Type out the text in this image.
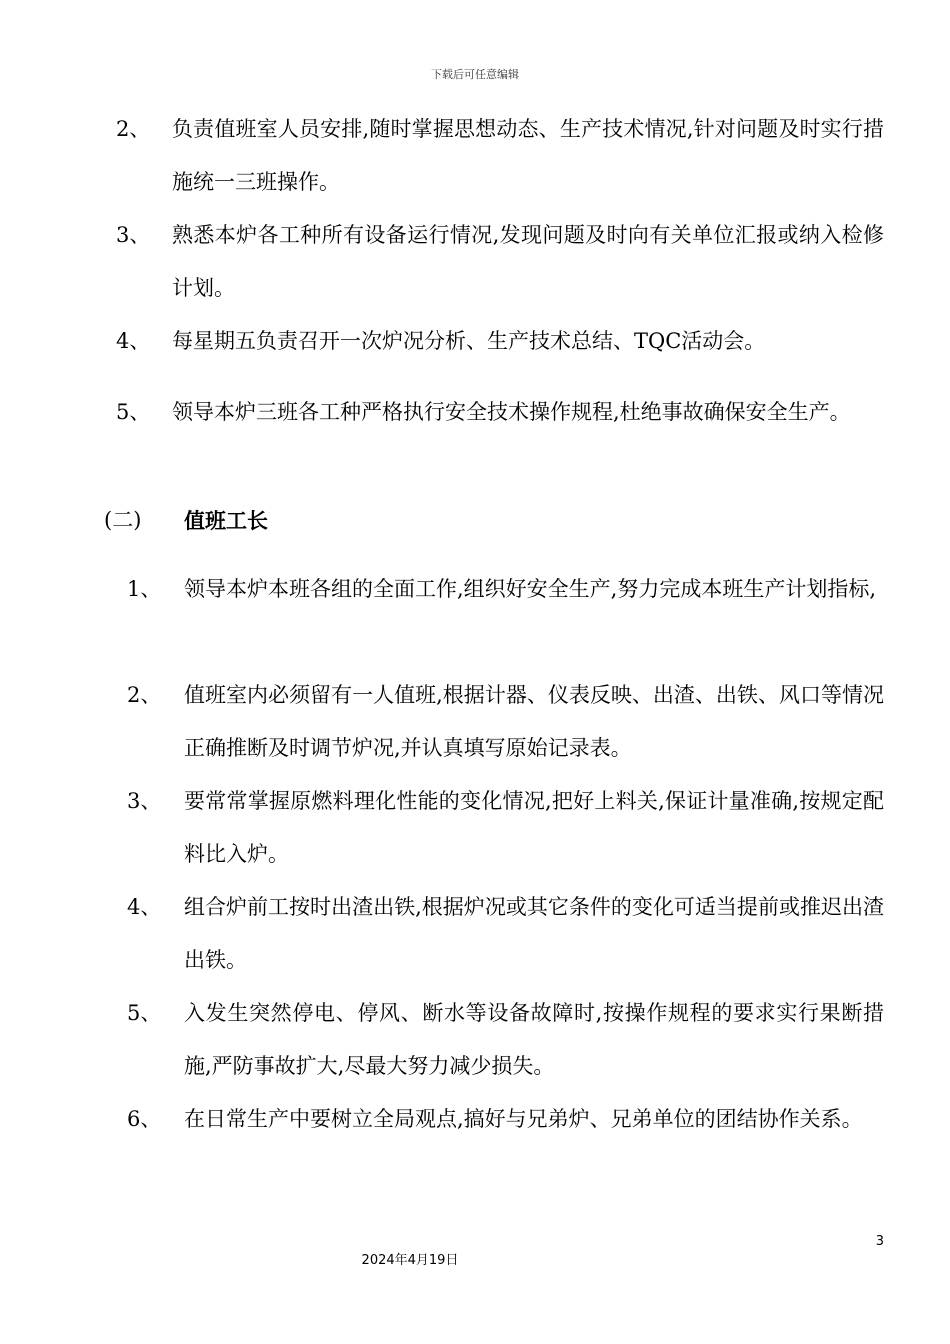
下载后可任意编辑
2、 负责值班室人员安排,随时掌握思想动态、生产技术情况,针对问题及时实行措施统一三班操作。
3、 熟悉本炉各工种所有设备运行情况,发现问题及时向有关单位汇报或纳入检修计划。
4、 每星期五负责召开一次炉况分析、生产技术总结、TQC活动会。
5、 领导本炉三班各工种严格执行安全技术操作规程,杜绝事故确保安全生产。
(二) 值班工长
1、 领导本炉本班各组的全面工作,组织好安全生产,努力完成本班生产计划指标,
2、 值班室内必须留有一人值班,根据计器、仪表反映、出渣、出铁、风口等情况正确推断及时调节炉况,并认真填写原始记录表。
3、 要常常掌握原燃料理化性能的变化情况,把好上料关,保证计量准确,按规定配料比入炉。
4、 组合炉前工按时出渣出铁,根据炉况或其它条件的变化可适当提前或推迟出渣出铁。
5、 入发生突然停电、停风、断水等设备故障时,按操作规程的要求实行果断措施,严防事故扩大,尽最大努力减少损失。
6、 在日常生产中要树立全局观点,搞好与兄弟炉、兄弟单位的团结协作关系。
3
2024年4月19日
